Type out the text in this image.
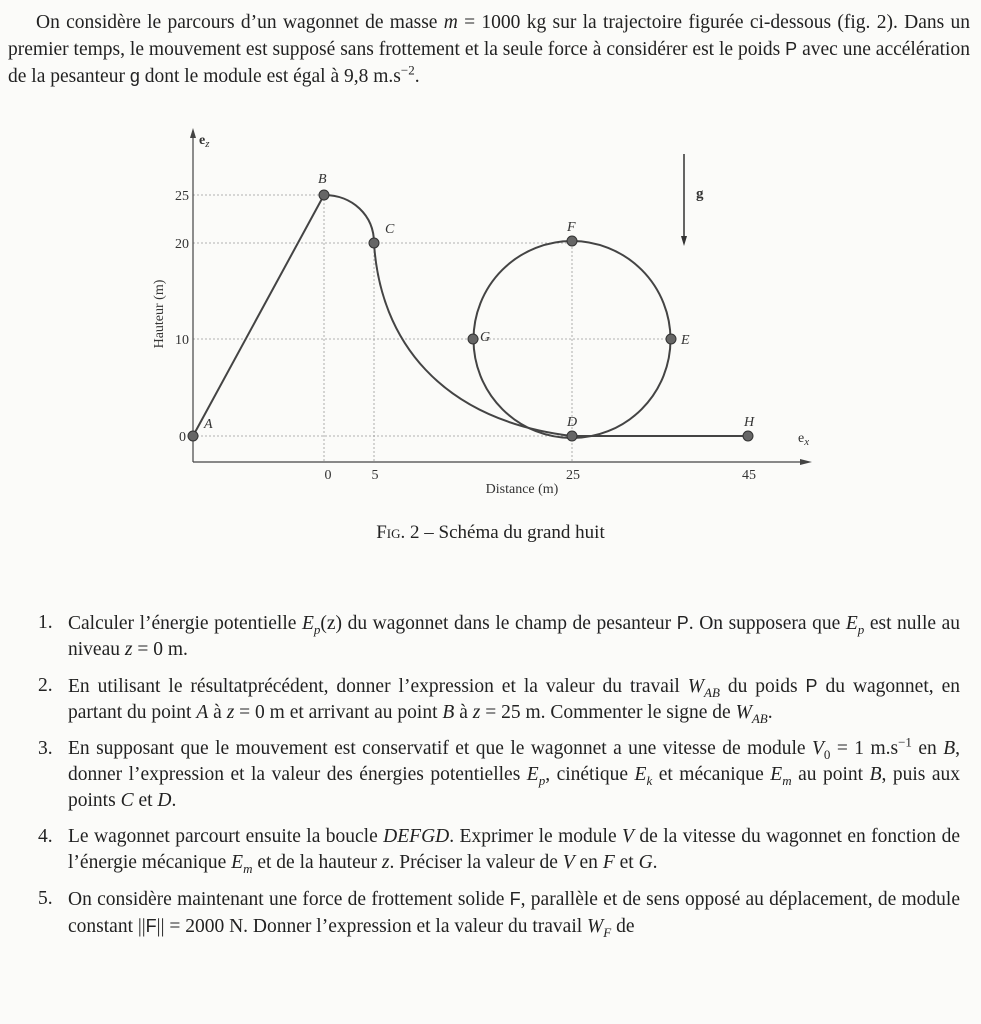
On considère le parcours d’un wagonnet de masse m = 1000 kg sur la trajectoire figurée ci-dessous (fig. 2). Dans un premier temps, le mouvement est supposé sans frottement et la seule force à considérer est le poids P avec une accélération de la pesanteur g dont le module est égal à 9,8 $m.s^{-2}$.

A
B
C
D
E
F
G
H
0
10
20
25
0	5	25	45
Distance (m)
Hauteur (m)
$e_z$
$e_x$
g
Fig. 2 – Schéma du grand huit
1. Calculer l’énergie potentielle $E_p(z)$ du wagonnet dans le champ de pesanteur P. On supposera que $E_p$ est nulle au niveau z = 0 m.
2. En utilisant le résultatprécédent, donner l’expression et la valeur du travail $W_{AB}$ du poids P du wagonnet, en partant du point A à z = 0 m et arrivant au point B à z = 25 m. Commenter le signe de $W_{AB}$.
3. En supposant que le mouvement est conservatif et que le wagonnet a une vitesse de module $V_0 = 1$ $m.s^{-1}$ en B, donner l’expression et la valeur des énergies potentielles $E_p$, cinétique $E_k$ et mécanique $E_m$ au point B, puis aux points C et D.
4. Le wagonnet parcourt ensuite la boucle DEFGD. Exprimer le module V de la vitesse du wagonnet en fonction de l’énergie mécanique $E_m$ et de la hauteur z. Préciser la valeur de V en F et G.
5. On considère maintenant une force de frottement solide F, parallèle et de sens opposé au déplacement, de module constant ||F|| = 2000 N. Donner l’expression et la valeur du travail $W_F$ de
